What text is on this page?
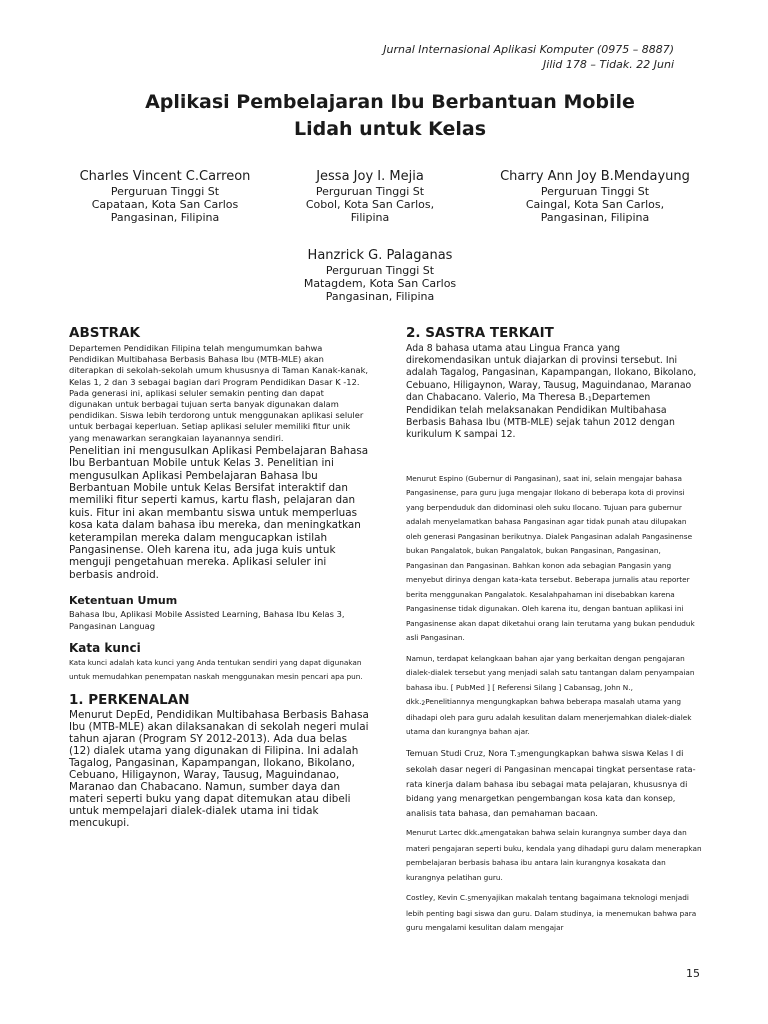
Jurnal Internasional Aplikasi Komputer (0975 – 8887)
Jilid 178 – Tidak. 22 Juni
Aplikasi Pembelajaran Ibu Berbantuan Mobile
Lidah untuk Kelas
Charles Vincent C.Carreon
Perguruan Tinggi St
Capataan, Kota San Carlos
Pangasinan, Filipina
Jessa Joy I. Mejia
Perguruan Tinggi St
Cobol, Kota San Carlos,
Filipina
Charry Ann Joy B.Mendayung
Perguruan Tinggi St
Caingal, Kota San Carlos,
Pangasinan, Filipina
Hanzrick G. Palaganas
Perguruan Tinggi St
Matagdem, Kota San Carlos
Pangasinan, Filipina
ABSTRAK

Departemen Pendidikan Filipina telah mengumumkan bahwa Pendidikan Multibahasa Berbasis Bahasa Ibu (MTB-MLE) akan diterapkan di sekolah-sekolah umum khususnya di Taman Kanak-kanak, Kelas 1, 2 dan 3 sebagai bagian dari Program Pendidikan Dasar K -12. Pada generasi ini, aplikasi seluler semakin penting dan dapat digunakan untuk berbagai tujuan serta banyak digunakan dalam pendidikan. Siswa lebih terdorong untuk menggunakan aplikasi seluler untuk berbagai keperluan. Setiap aplikasi seluler memiliki fitur unik yang menawarkan serangkaian layanannya sendiri.

Penelitian ini mengusulkan Aplikasi Pembelajaran Bahasa Ibu Berbantuan Mobile untuk Kelas 3. Penelitian ini mengusulkan Aplikasi Pembelajaran Bahasa Ibu Berbantuan Mobile untuk Kelas Bersifat interaktif dan memiliki fitur seperti kamus, kartu flash, pelajaran dan kuis. Fitur ini akan membantu siswa untuk memperluas kosa kata dalam bahasa ibu mereka, dan meningkatkan keterampilan mereka dalam mengucapkan istilah Pangasinense. Oleh karena itu, ada juga kuis untuk menguji pengetahuan mereka. Aplikasi seluler ini berbasis android.

Ketentuan Umum

Bahasa Ibu, Aplikasi Mobile Assisted Learning, Bahasa Ibu Kelas 3, Pangasinan Languag

Kata kunci

Kata kunci adalah kata kunci yang Anda tentukan sendiri yang dapat digunakan untuk memudahkan penempatan naskah menggunakan mesin pencari apa pun.

1. PERKENALAN

Menurut DepEd, Pendidikan Multibahasa Berbasis Bahasa Ibu (MTB-MLE) akan dilaksanakan di sekolah negeri mulai tahun ajaran (Program SY 2012-2013). Ada dua belas (12) dialek utama yang digunakan di Filipina. Ini adalah Tagalog, Pangasinan, Kapampangan, Ilokano, Bikolano, Cebuano, Hiligaynon, Waray, Tausug, Maguindanao, Maranao dan Chabacano. Namun, sumber daya dan materi seperti buku yang dapat ditemukan atau dibeli untuk mempelajari dialek-dialek utama ini tidak mencukupi.

2. SASTRA TERKAIT

Ada 8 bahasa utama atau Lingua Franca yang direkomendasikan untuk diajarkan di provinsi tersebut. Ini adalah Tagalog, Pangasinan, Kapampangan, Ilokano, Bikolano, Cebuano, Hiligaynon, Waray, Tausug, Maguindanao, Maranao dan Chabacano. Valerio, Ma Theresa $B._1Departemen$ Pendidikan telah melaksanakan Pendidikan Multibahasa Berbasis Bahasa Ibu (MTB-MLE) sejak tahun 2012 dengan kurikulum K sampai 12.

Menurut Espino (Gubernur di Pangasinan), saat ini, selain mengajar bahasa Pangasinense, para guru juga mengajar Ilokano di beberapa kota di provinsi yang berpenduduk dan didominasi oleh suku Ilocano. Tujuan para gubernur adalah menyelamatkan bahasa Pangasinan agar tidak punah atau dilupakan oleh generasi Pangasinan berikutnya. Dialek Pangasinan adalah Pangasinense bukan Pangalatok, bukan Pangalatok, bukan Pangasinan, Pangasinan, Pangasinan dan Pangasinan. Bahkan konon ada sebagian Pangasin yang menyebut dirinya dengan kata-kata tersebut. Beberapa jurnalis atau reporter berita menggunakan Pangalatok. Kesalahpahaman ini disebabkan karena Pangasinense tidak digunakan. Oleh karena itu, dengan bantuan aplikasi ini Pangasinense akan dapat diketahui orang lain terutama yang bukan penduduk asli Pangasinan.

Namun, terdapat kelangkaan bahan ajar yang berkaitan dengan pengajaran dialek-dialek tersebut yang menjadi salah satu tantangan dalam penyampaian bahasa ibu. [ PubMed ] [ Referensi Silang ] Cabansag, John N., $dkk._2Penelitiannya$ mengungkapkan bahwa beberapa masalah utama yang dihadapi oleh para guru adalah kesulitan dalam menerjemahkan dialek-dialek utama dan kurangnya bahan ajar.

Temuan Studi Cruz, Nora $T._3mengungkapkan$ bahwa siswa Kelas I di sekolah dasar negeri di Pangasinan mencapai tingkat persentase rata-rata kinerja dalam bahasa ibu sebagai mata pelajaran, khususnya di bidang yang menargetkan pengembangan kosa kata dan konsep, analisis tata bahasa, dan pemahaman bacaan.

Menurut Lartec $dkk._4mengatakan$ bahwa selain kurangnya sumber daya dan materi pengajaran seperti buku, kendala yang dihadapi guru dalam menerapkan pembelajaran berbasis bahasa ibu antara lain kurangnya kosakata dan kurangnya pelatihan guru.

Costley, Kevin $C._5menyajikan$ makalah tentang bagaimana teknologi menjadi lebih penting bagi siswa dan guru. Dalam studinya, ia menemukan bahwa para guru mengalami kesulitan dalam mengajar

15
